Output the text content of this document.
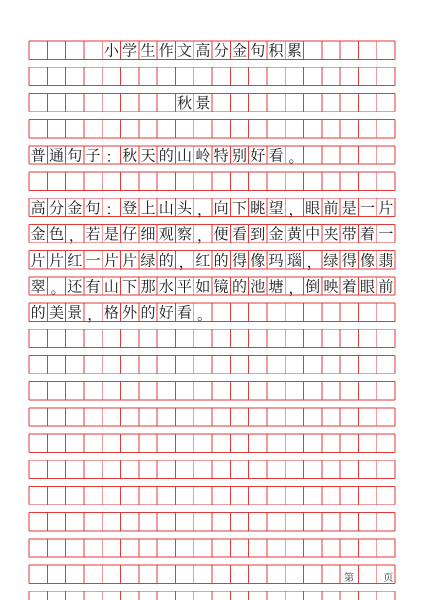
　　　　小 学 生 作 文 高 分 金 句 积 累
　　　　　　　　秋 景
普 通 句 子 ： 秋 天 的 山 岭 特 别 好 看 。
高 分 金 句 ： 登 上 山 头 ， 向 下 眺 望 ， 眼 前 是 一 片
金 色 ， 若 是 仔 细 观 察 ， 便 看 到 金 黄 中 夹 带 着 一
片 片 红 一 片 片 绿 的 ， 红 的 得 像 玛 瑙 ， 绿 得 像 翡
翠 。 还 有 山 下 那 水 平 如 镜 的 池 塘 ， 倒 映 着 眼 前
的 美 景 ， 格 外 的 好 看 。
第	页
